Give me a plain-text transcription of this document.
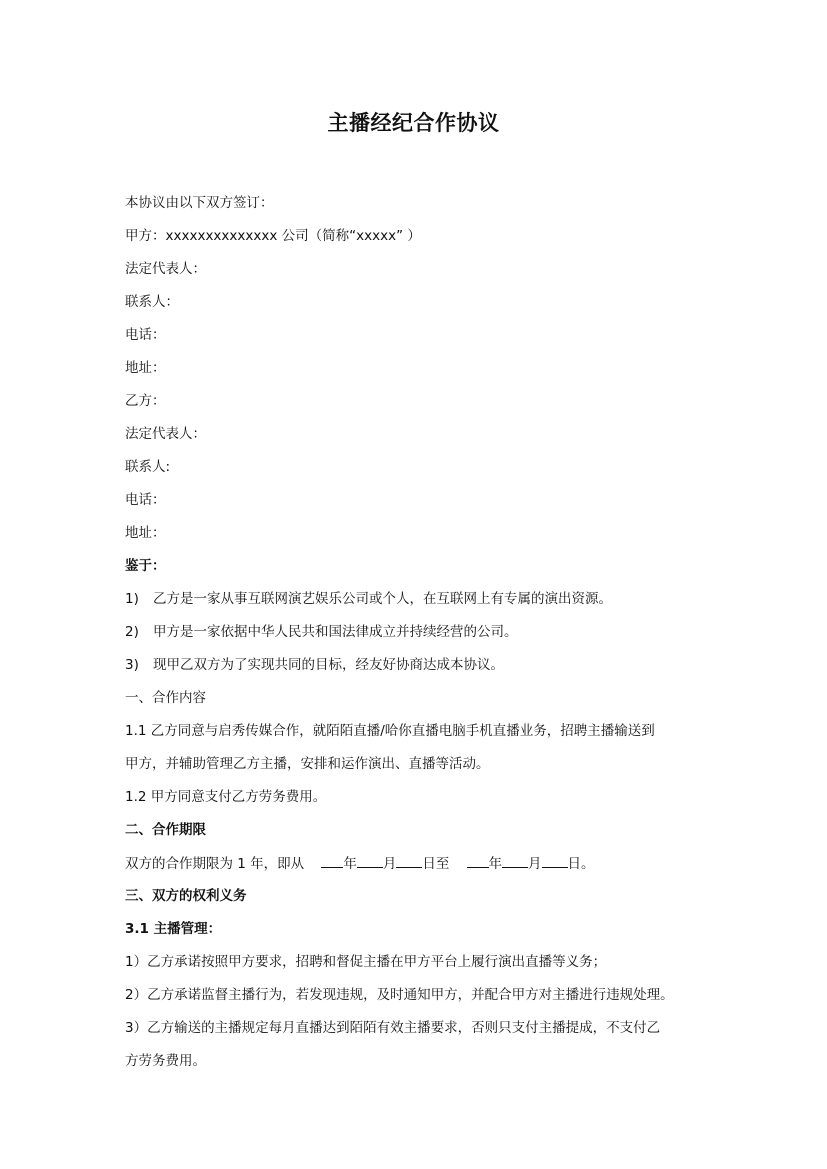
主播经纪合作协议
本协议由以下双方签订：
甲方：xxxxxxxxxxxxxx 公司（简称“xxxxx” ）
法定代表人：
联系人：
电话：
地址：
乙方：
法定代表人：
联系人:
电话：
地址：
鉴于：
1) 乙方是一家从事互联网演艺娱乐公司或个人，在互联网上有专属的演出资源。
2) 甲方是一家依据中华人民共和国法律成立并持续经营的公司。
3) 现甲乙双方为了实现共同的目标，经友好协商达成本协议。
一、合作内容
1.1 乙方同意与启秀传媒合作，就陌陌直播/哈你直播电脑手机直播业务，招聘主播输送到
甲方，并辅助管理乙方主播，安排和运作演出、直播等活动。
1.2 甲方同意支付乙方劳务费用。
二、合作期限
双方的合作期限为 1 年，即从	年 月 日至	年 月 日。
三、双方的权利义务
3.1 主播管理：
1）乙方承诺按照甲方要求，招聘和督促主播在甲方平台上履行演出直播等义务；
2）乙方承诺监督主播行为，若发现违规，及时通知甲方，并配合甲方对主播进行违规处理。
3）乙方输送的主播规定每月直播达到陌陌有效主播要求，否则只支付主播提成，不支付乙
方劳务费用。
